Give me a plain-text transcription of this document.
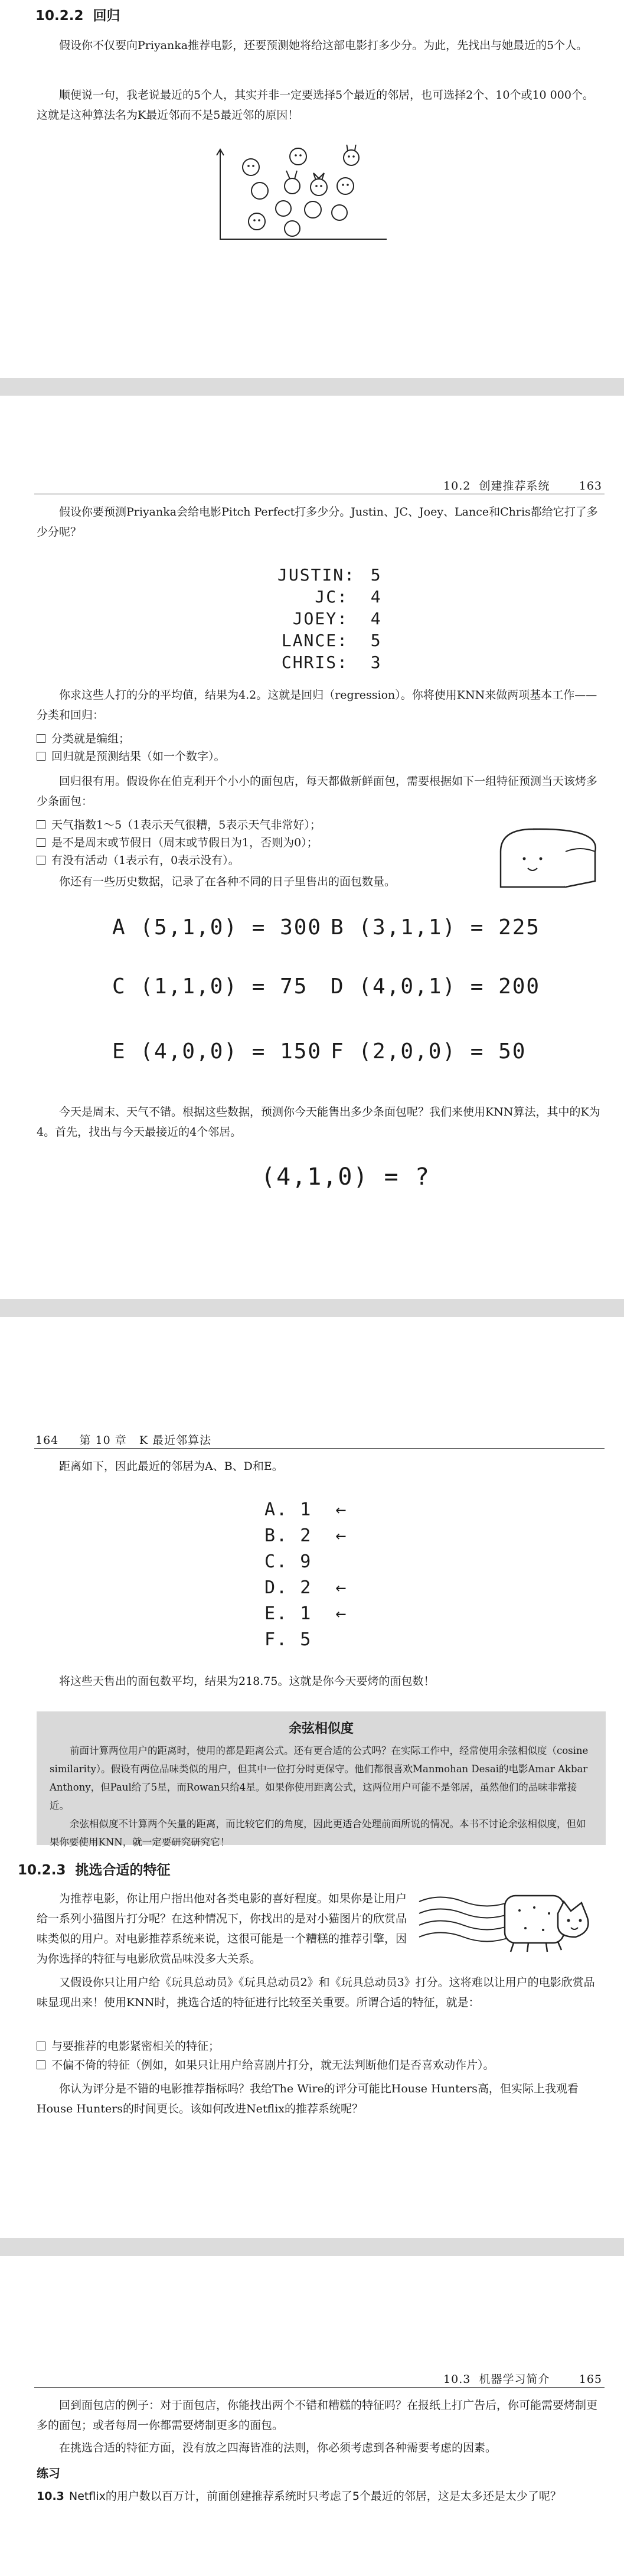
10.2.2 回归
假设你不仅要向Priyanka推荐电影，还要预测她将给这部电影打多少分。为此，先找出与她最近的5个人。
顺便说一句，我老说最近的5个人，其实并非一定要选择5个最近的邻居，也可选择2个、10个或10 000个。这就是这种算法名为K最近邻而不是5最近邻的原因！
10.2 创建推荐系统	163
假设你要预测Priyanka会给电影Pitch Perfect打多少分。Justin、JC、Joey、Lance和Chris都给它打了多少分呢？
JUSTIN: 5
JC: 4
JOEY: 4
LANCE: 5
CHRIS: 3
你求这些人打的分的平均值，结果为4.2。这就是回归（regression）。你将使用KNN来做两项基本工作——分类和回归：
分类就是编组；
回归就是预测结果（如一个数字）。
回归很有用。假设你在伯克利开个小小的面包店，每天都做新鲜面包，需要根据如下一组特征预测当天该烤多少条面包：
天气指数1～5（1表示天气很糟，5表示天气非常好）；
是不是周末或节假日（周末或节假日为1，否则为0）；
有没有活动（1表示有，0表示没有）。
你还有一些历史数据，记录了在各种不同的日子里售出的面包数量。
A (5,1,0) = 300 B (3,1,1) = 225
C (1,1,0) = 75 D (4,0,1) = 200
E (4,0,0) = 150 F (2,0,0) = 50
今天是周末、天气不错。根据这些数据，预测你今天能售出多少条面包呢？我们来使用KNN算法，其中的K为4。首先，找出与今天最接近的4个邻居。
(4,1,0) = ?
164 第 10 章 K 最近邻算法
距离如下，因此最近的邻居为A、B、D和E。
A. 1 ←
B. 2 ←
C. 9
D. 2 ←
E. 1 ←
F. 5
将这些天售出的面包数平均，结果为218.75。这就是你今天要烤的面包数！
余弦相似度
前面计算两位用户的距离时，使用的都是距离公式。还有更合适的公式吗？在实际工作中，经常使用余弦相似度（cosine similarity）。假设有两位品味类似的用户，但其中一位打分时更保守。他们都很喜欢Manmohan Desai的电影Amar Akbar Anthony，但Paul给了5星，而Rowan只给4星。如果你使用距离公式，这两位用户可能不是邻居，虽然他们的品味非常接近。
余弦相似度不计算两个矢量的距离，而比较它们的角度，因此更适合处理前面所说的情况。本书不讨论余弦相似度，但如果你要使用KNN，就一定要研究研究它！
10.2.3 挑选合适的特征
为推荐电影，你让用户指出他对各类电影的喜好程度。如果你是让用户给一系列小猫图片打分呢？在这种情况下，你找出的是对小猫图片的欣赏品味类似的用户。对电影推荐系统来说，这很可能是一个糟糕的推荐引擎，因为你选择的特征与电影欣赏品味没多大关系。
又假设你只让用户给《玩具总动员》《玩具总动员2》和《玩具总动员3》打分。这将难以让用户的电影欣赏品味显现出来！使用KNN时，挑选合适的特征进行比较至关重要。所谓合适的特征，就是：
与要推荐的电影紧密相关的特征；
不偏不倚的特征（例如，如果只让用户给喜剧片打分，就无法判断他们是否喜欢动作片）。
你认为评分是不错的电影推荐指标吗？我给The Wire的评分可能比House Hunters高，但实际上我观看House Hunters的时间更长。该如何改进Netflix的推荐系统呢？
10.3 机器学习简介	165
回到面包店的例子：对于面包店，你能找出两个不错和糟糕的特征吗？在报纸上打广告后，你可能需要烤制更多的面包；或者每周一你都需要烤制更多的面包。
在挑选合适的特征方面，没有放之四海皆准的法则，你必须考虑到各种需要考虑的因素。
练习
10.3 Netflix的用户数以百万计，前面创建推荐系统时只考虑了5个最近的邻居，这是太多还是太少了呢？
